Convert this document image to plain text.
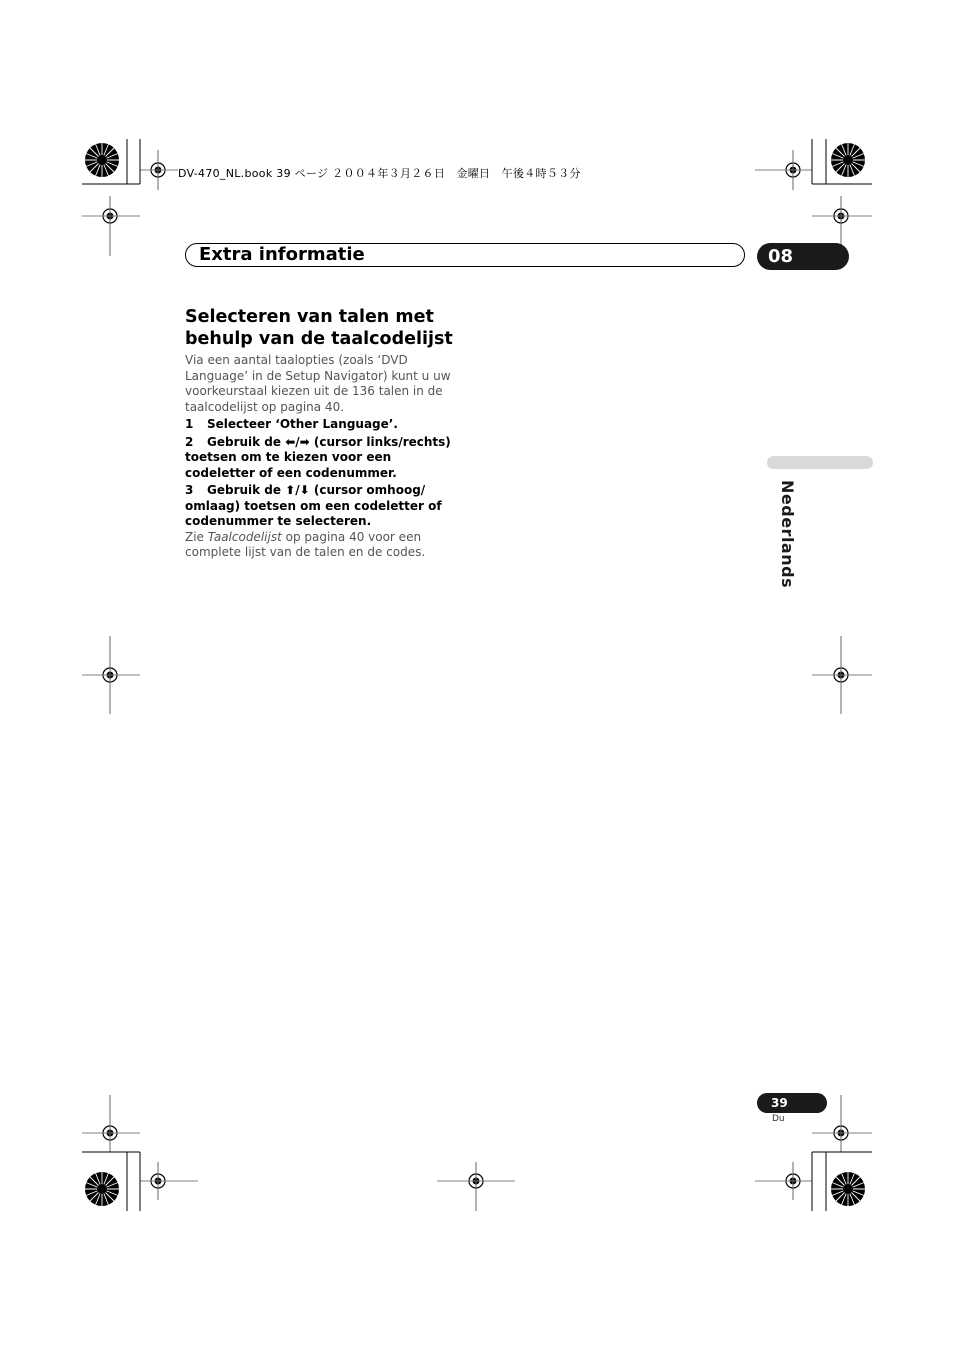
DV-470_NL.book 39 ページ ２００４年３月２６日　金曜日　午後４時５３分
Extra informatie	08
Selecteren van talen met behulp van de taalcodelijst

Via een aantal taalopties (zoals ‘DVD Language’ in de Setup Navigator) kunt u uw voorkeurstaal kiezen uit de 136 talen in de taalcodelijst op pagina 40.

1 Selecteer ‘Other Language’.

2 Gebruik de ⬅/➡ (cursor links/rechts) toetsen om te kiezen voor een codeletter of een codenummer.

3 Gebruik de ⬆/⬇ (cursor omhoog/ omlaag) toetsen om een codeletter of codenummer te selecteren.

Zie Taalcodelijst op pagina 40 voor een complete lijst van de talen en de codes.	Nederlands
39
Du
